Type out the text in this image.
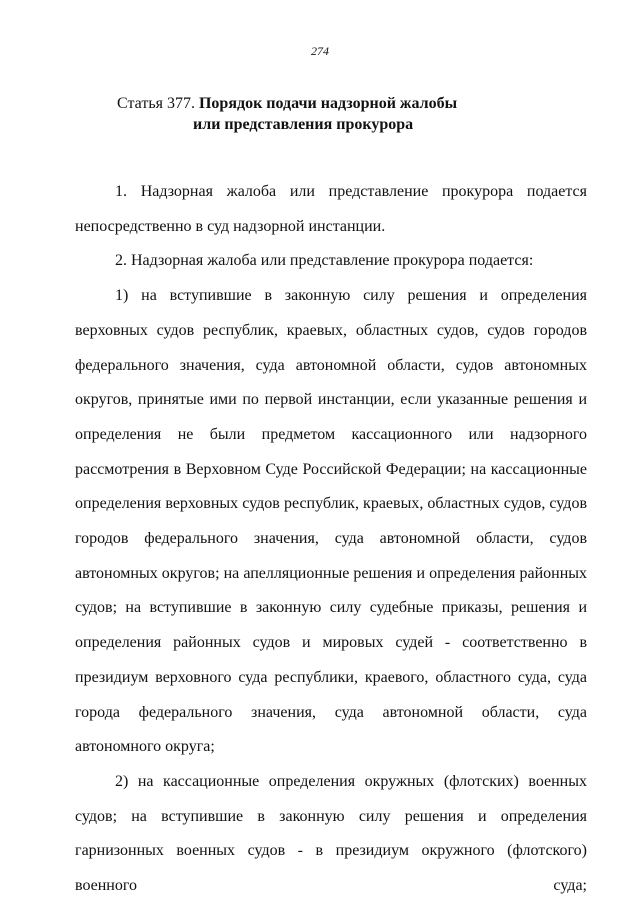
274
Статья 377. Порядок подачи надзорной жалобы
или представления прокурора

1. Надзорная жалоба или представление прокурора подается непосредственно в суд надзорной инстанции.

2. Надзорная жалоба или представление прокурора подается:

1) на вступившие в законную силу решения и определения верховных судов республик, краевых, областных судов, судов городов федерального значения, суда автономной области, судов автономных округов, принятые ими по первой инстанции, если указанные решения и определения не были предметом кассационного или надзорного рассмотрения в Верховном Суде Российской Федерации; на кассационные определения верховных судов республик, краевых, областных судов, судов городов федерального значения, суда автономной области, судов автономных округов; на апелляционные решения и определения районных судов; на вступившие в законную силу судебные приказы, решения и определения районных судов и мировых судей - соответственно в президиум верховного суда республики, краевого, областного суда, суда города федерального значения, суда автономной области, суда автономного округа;

2) на кассационные определения окружных (флотских) военных судов; на вступившие в законную силу решения и определения гарнизонных военных судов - в президиум окружного (флотского) военного суда;
